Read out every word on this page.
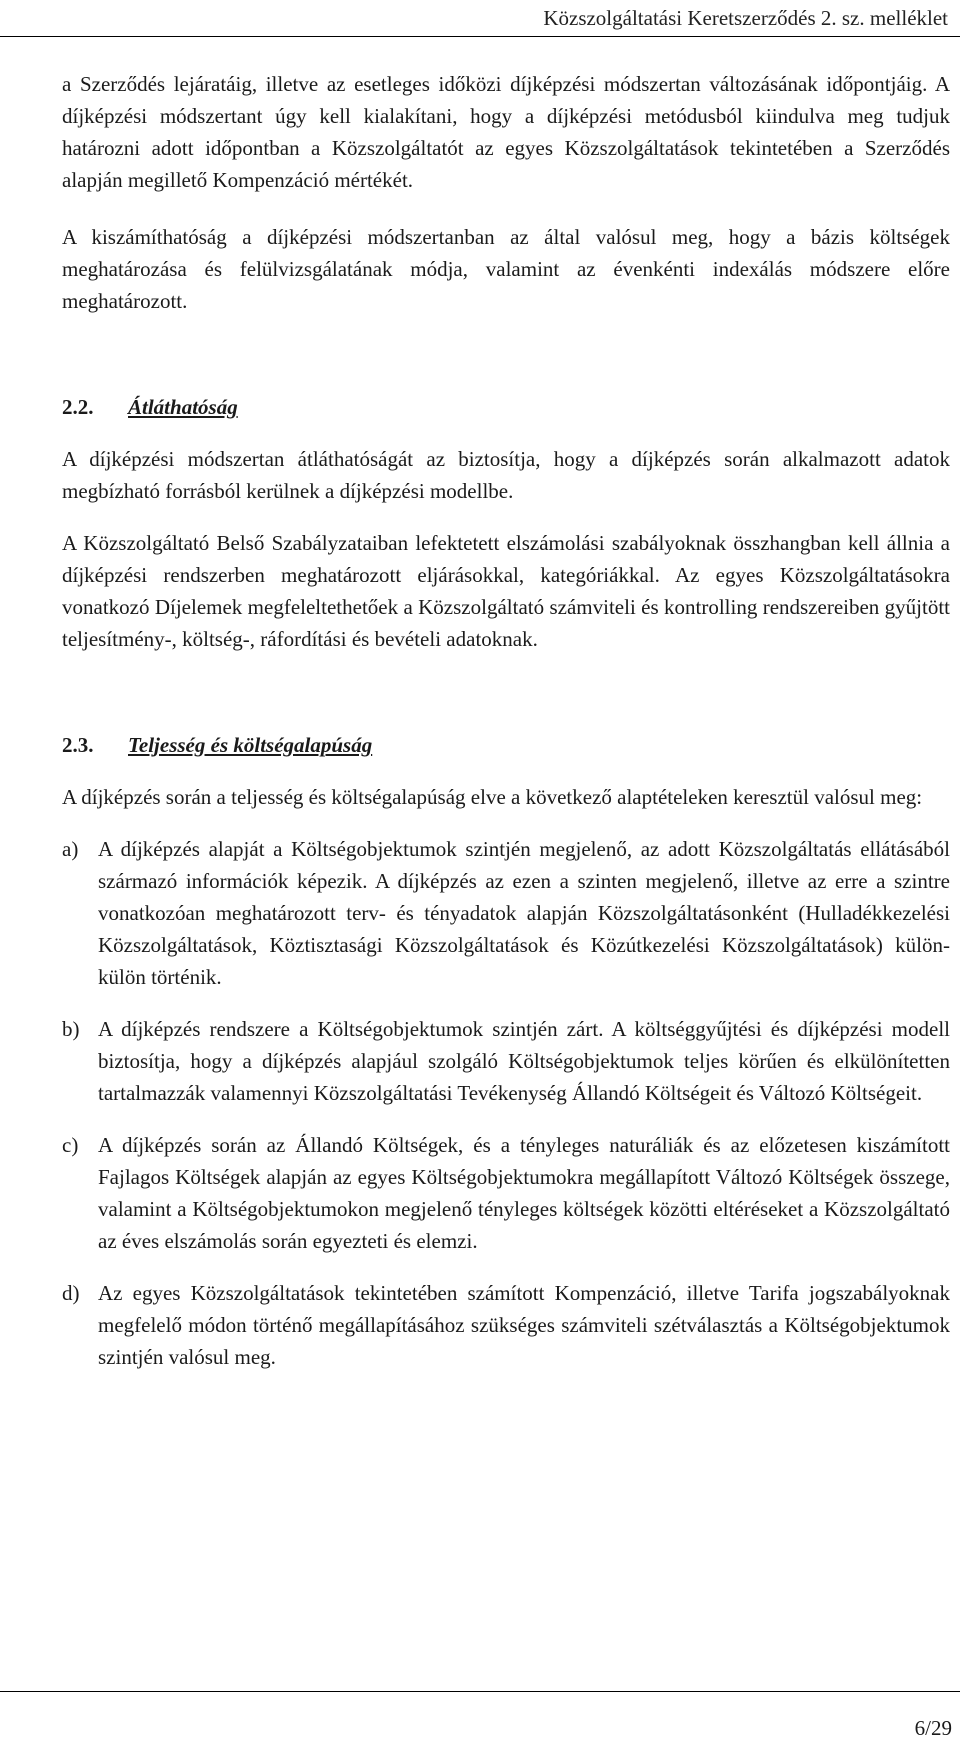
Közszolgáltatási Keretszerződés 2. sz. melléklet

a Szerződés lejáratáig, illetve az esetleges időközi díjképzési módszertan változásának időpontjáig. A díjképzési módszertant úgy kell kialakítani, hogy a díjképzési metódusból kiindulva meg tudjuk határozni adott időpontban a Közszolgáltatót az egyes Közszolgáltatások tekintetében a Szerződés alapján megillető Kompenzáció mértékét.

A kiszámíthatóság a díjképzési módszertanban az által valósul meg, hogy a bázis költségek meghatározása és felülvizsgálatának módja, valamint az évenkénti indexálás módszere előre meghatározott.

2.2. Átláthatóság

A díjképzési módszertan átláthatóságát az biztosítja, hogy a díjképzés során alkalmazott adatok megbízható forrásból kerülnek a díjképzési modellbe.

A Közszolgáltató Belső Szabályzataiban lefektetett elszámolási szabályoknak összhangban kell állnia a díjképzési rendszerben meghatározott eljárásokkal, kategóriákkal. Az egyes Közszolgáltatásokra vonatkozó Díjelemek megfeleltethetőek a Közszolgáltató számviteli és kontrolling rendszereiben gyűjtött teljesítmény-, költség-, ráfordítási és bevételi adatoknak.

2.3. Teljesség és költségalapúság

A díjképzés során a teljesség és költségalapúság elve a következő alaptételeken keresztül valósul meg:

a) A díjképzés alapját a Költségobjektumok szintjén megjelenő, az adott Közszolgáltatás ellátásából származó információk képezik. A díjképzés az ezen a szinten megjelenő, illetve az erre a szintre vonatkozóan meghatározott terv- és tényadatok alapján Közszolgáltatásonként (Hulladékkezelési Közszolgáltatások, Köztisztasági Közszolgáltatások és Közútkezelési Közszolgáltatások) külön-külön történik.
b) A díjképzés rendszere a Költségobjektumok szintjén zárt. A költséggyűjtési és díjképzési modell biztosítja, hogy a díjképzés alapjául szolgáló Költségobjektumok teljes körűen és elkülönítetten tartalmazzák valamennyi Közszolgáltatási Tevékenység Állandó Költségeit és Változó Költségeit.
c) A díjképzés során az Állandó Költségek, és a tényleges naturáliák és az előzetesen kiszámított Fajlagos Költségek alapján az egyes Költségobjektumokra megállapított Változó Költségek összege, valamint a Költségobjektumokon megjelenő tényleges költségek közötti eltéréseket a Közszolgáltató az éves elszámolás során egyezteti és elemzi.
d) Az egyes Közszolgáltatások tekintetében számított Kompenzáció, illetve Tarifa jogszabályoknak megfelelő módon történő megállapításához szükséges számviteli szétválasztás a Költségobjektumok szintjén valósul meg.
6/29
